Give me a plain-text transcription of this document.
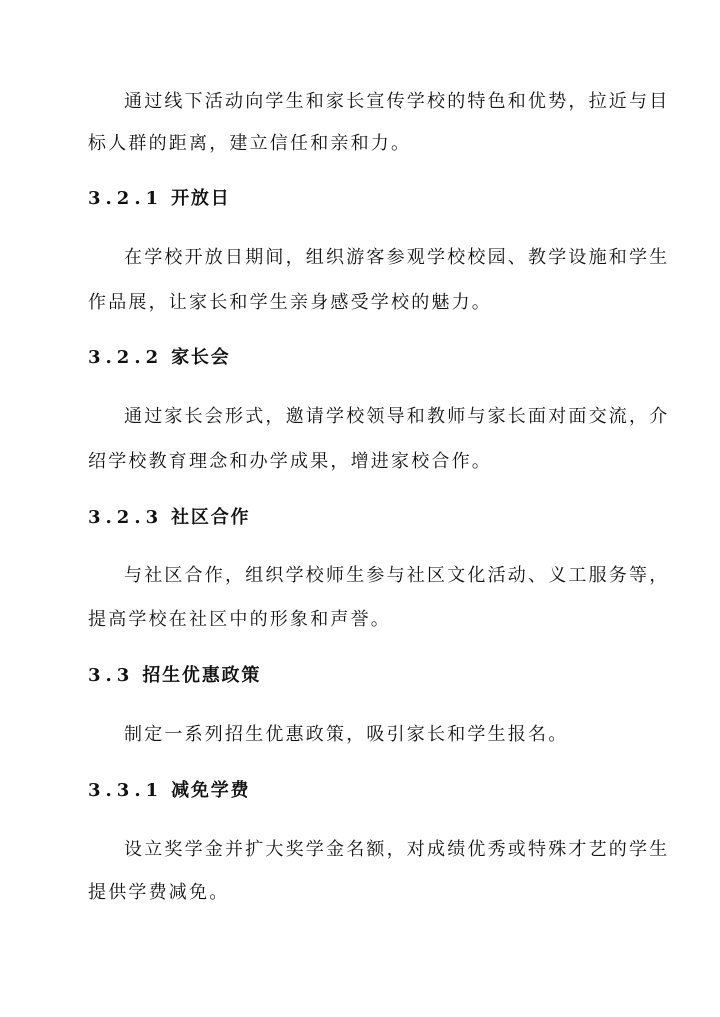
通过线下活动向学生和家长宣传学校的特色和优势，拉近与目
标人群的距离，建立信任和亲和力。
3.2.1 开放日
在学校开放日期间，组织游客参观学校校园、教学设施和学生
作品展，让家长和学生亲身感受学校的魅力。
3.2.2 家长会
通过家长会形式，邀请学校领导和教师与家长面对面交流，介
绍学校教育理念和办学成果，增进家校合作。
3.2.3 社区合作
与社区合作，组织学校师生参与社区文化活动、义工服务等，
提高学校在社区中的形象和声誉。
3.3 招生优惠政策
制定一系列招生优惠政策，吸引家长和学生报名。
3.3.1 减免学费
设立奖学金并扩大奖学金名额，对成绩优秀或特殊才艺的学生
提供学费减免。
